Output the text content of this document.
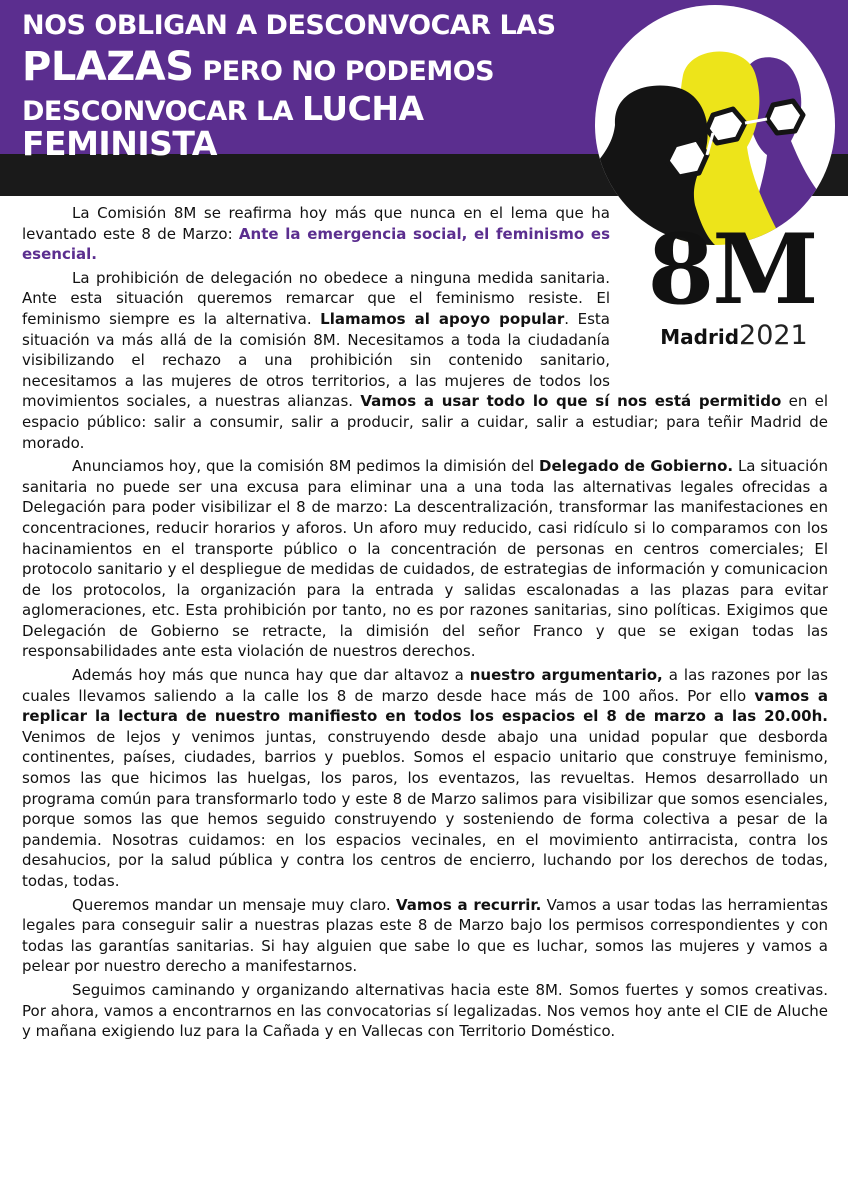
NOS OBLIGAN A DESCONVOCAR LAS
PLAZAS PERO NO PODEMOS
DESCONVOCAR LA LUCHA FEMINISTA
8M
Madrid2021

La Comisión 8M se reafirma hoy más que nunca en el lema que ha levantado este 8 de Marzo: Ante la emergencia social, el feminismo es esencial.

La prohibición de delegación no obedece a ninguna medida sanitaria. Ante esta situación queremos remarcar que el feminismo resiste. El feminismo siempre es la alternativa. Llamamos al apoyo popular. Esta situación va más allá de la comisión 8M. Necesitamos a toda la ciudadanía visibilizando el rechazo a una prohibición sin contenido sanitario, necesitamos a las mujeres de otros territorios, a las mujeres de todos los movimientos sociales, a nuestras alianzas. Vamos a usar todo lo que sí nos está permitido en el espacio público: salir a consumir, salir a producir, salir a cuidar, salir a estudiar; para teñir Madrid de morado.

Anunciamos hoy, que la comisión 8M pedimos la dimisión del Delegado de Gobierno. La situación sanitaria no puede ser una excusa para eliminar una a una toda las alternativas legales ofrecidas a Delegación para poder visibilizar el 8 de marzo: La descentralización, transformar las manifestaciones en concentraciones, reducir horarios y aforos. Un aforo muy reducido, casi ridículo si lo comparamos con los hacinamientos en el transporte público o la concentración de personas en centros comerciales; El protocolo sanitario y el despliegue de medidas de cuidados, de estrategias de información y comunicacion de los protocolos, la organización para la entrada y salidas escalonadas a las plazas para evitar aglomeraciones, etc. Esta prohibición por tanto, no es por razones sanitarias, sino políticas. Exigimos que Delegación de Gobierno se retracte, la dimisión del señor Franco y que se exigan todas las responsabilidades ante esta violación de nuestros derechos.

Además hoy más que nunca hay que dar altavoz a nuestro argumentario, a las razones por las cuales llevamos saliendo a la calle los 8 de marzo desde hace más de 100 años. Por ello vamos a replicar la lectura de nuestro manifiesto en todos los espacios el 8 de marzo a las 20.00h. Venimos de lejos y venimos juntas, construyendo desde abajo una unidad popular que desborda continentes, países, ciudades, barrios y pueblos. Somos el espacio unitario que construye feminismo, somos las que hicimos las huelgas, los paros, los eventazos, las revueltas. Hemos desarrollado un programa común para transformarlo todo y este 8 de Marzo salimos para visibilizar que somos esenciales, porque somos las que hemos seguido construyendo y sosteniendo de forma colectiva a pesar de la pandemia. Nosotras cuidamos: en los espacios vecinales, en el movimiento antirracista, contra los desahucios, por la salud pública y contra los centros de encierro, luchando por los derechos de todas, todas, todas.

Queremos mandar un mensaje muy claro. Vamos a recurrir. Vamos a usar todas las herramientas legales para conseguir salir a nuestras plazas este 8 de Marzo bajo los permisos correspondientes y con todas las garantías sanitarias. Si hay alguien que sabe lo que es luchar, somos las mujeres y vamos a pelear por nuestro derecho a manifestarnos.

Seguimos caminando y organizando alternativas hacia este 8M. Somos fuertes y somos creativas. Por ahora, vamos a encontrarnos en las convocatorias sí legalizadas. Nos vemos hoy ante el CIE de Aluche y mañana exigiendo luz para la Cañada y en Vallecas con Territorio Doméstico.
